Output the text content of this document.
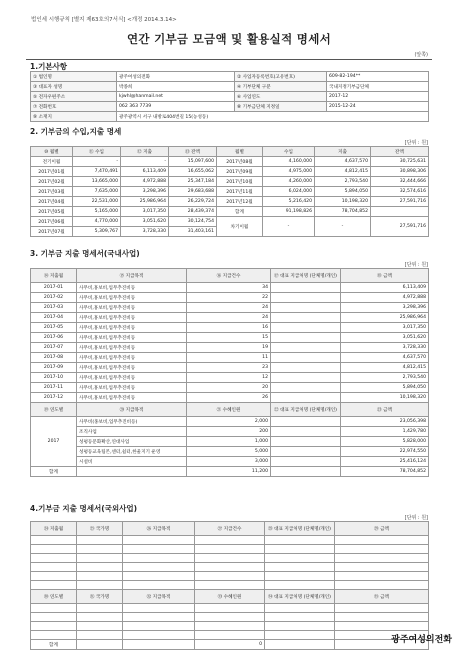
법인세 시행규칙 [별지 제63호의7서식] <개정 2014.3.14>
연간 기부금 모금액 및 활용실적 명세서
(앞쪽)
1.기본사항
① 법인명	광주여성의전화	② 사업자등록번호(고유번호)	609-82-194**
③ 대표자 성명	박종희	④ 기부단체 구분	국내지정기부금단체
⑤ 전자우편주소	kjwhl@hanmail.net	⑥ 사업연도	2017-12
⑦ 전화번호	062 363 7739	⑧ 기부금단체 지정일	2015-12-24
⑨ 소재지	광주광역시 서구 내방로404번길 15(농성동)		
2. 기부금의 수입,지출 명세
[단위 : 원]
⑩ 월별	⑪ 수입	⑫ 지출	⑬ 잔액	월별	수입	지출	잔액
전기이월	-	-	15,097,600	2017년08월	4,160,000	4,637,570	30,725,631
2017년01월	7,470,491	6,113,409	16,655,062	2017년09월	4,975,000	4,812,415	30,898,306
2017년02월	13,665,000	4,972,888	25,347,184	2017년10월	4,260,000	2,793,540	32,444,666
2017년03월	7,635,000	3,298,396	29,683,688	2017년11월	6,024,000	5,894,050	32,574,616
2017년04월	22,531,000	25,986,964	26,229,724	2017년12월	5,216,420	10,198,320	27,591,716
2017년05월	5,165,000	3,017,350	28,439,374	합계	91,198,826	78,704,852	
2017년06월	4,770,000	3,051,620	30,124,754	차기이월	-	-	27,591,716
2017년07월	5,309,767	3,728,330	31,403,161				
3. 기부금 지출 명세서(국내사업)
[단위 : 원]
⑭ 지출월	⑮ 지급목적	⑯ 지급건수	⑰ 대표 지급처명 (단체명/개인)	⑱ 금액
2017-01	사무비,홍보비,업무추진비등	34		6,113,409
2017-02	사무비,홍보비,업무추진비등	22		4,972,888
2017-03	사무비,홍보비,업무추진비등	24		3,298,396
2017-04	사무비,홍보비,업무추진비등	24		25,986,964
2017-05	사무비,홍보비,업무추진비등	16		3,017,350
2017-06	사무비,홍보비,업무추진비등	15		3,051,620
2017-07	사무비,홍보비,업무추진비등	19		3,728,330
2017-08	사무비,홍보비,업무추진비등	11		4,637,570
2017-09	사무비,홍보비,업무추진비등	23		4,812,415
2017-10	사무비,홍보비,업무추진비등	12		2,793,540
2017-11	사무비,홍보비,업무추진비등	20		5,894,050
2017-12	사무비,홍보비,업무추진비등	26		10,198,320
⑲ 연도별	⑳ 지급목적	㉑ 수혜인원	㉒ 대표 지급처명 (단체명/개인)	㉓ 금액
2017	사무비(홍보비,업무추진비등)	2,000		23,056,398
	조직사업	200		1,429,780
	성평등문화확산,연대사업	1,000		5,828,000
	성평등교육팀몬,센터,쉼터,한울지기 운영	5,000		22,974,550
	시설비	3,000		25,416,124
합계		11,200		78,704,852
4.기부금 지출 명세서(국외사업)
[단위 : 원]
㉔ 지출월	㉕ 국가명	㉖ 지급목적	㉗ 지급건수	㉘ 대표 지급처명 (단체명/개인)	㉙ 금액

㉚ 연도별	㉛ 국가명	㉜ 지급목적	㉝ 수혜인원	㉞ 대표 지급처명 (단체명/개인)	㉟ 금액

합계			0			광주여성의전화
